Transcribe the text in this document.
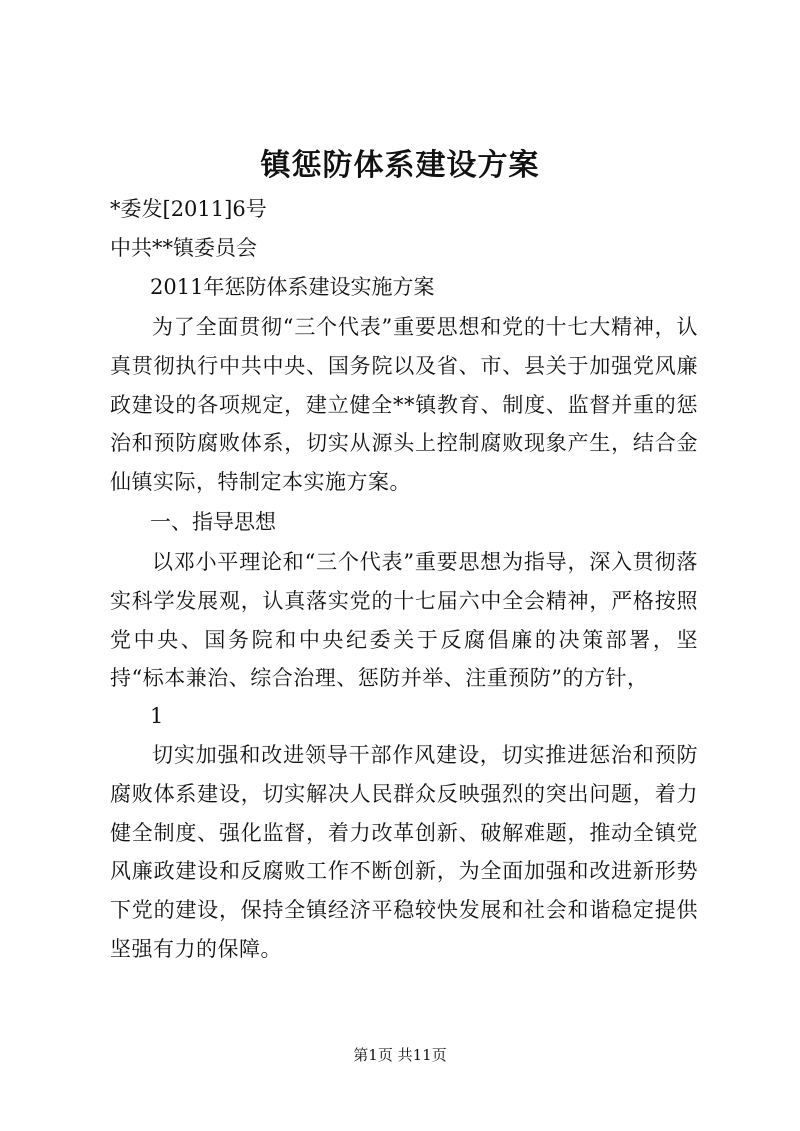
镇惩防体系建设方案
*委发[2011]6号
中共**镇委员会
2011年惩防体系建设实施方案
为了全面贯彻“三个代表”重要思想和党的十七大精神，认真贯彻执行中共中央、国务院以及省、市、县关于加强党风廉政建设的各项规定，建立健全**镇教育、制度、监督并重的惩治和预防腐败体系，切实从源头上控制腐败现象产生，结合金仙镇实际，特制定本实施方案。
一、指导思想
以邓小平理论和“三个代表”重要思想为指导，深入贯彻落实科学发展观，认真落实党的十七届六中全会精神，严格按照党中央、国务院和中央纪委关于反腐倡廉的决策部署，坚持“标本兼治、综合治理、惩防并举、注重预防”的方针，
1
切实加强和改进领导干部作风建设，切实推进惩治和预防腐败体系建设，切实解决人民群众反映强烈的突出问题，着力健全制度、强化监督，着力改革创新、破解难题，推动全镇党风廉政建设和反腐败工作不断创新，为全面加强和改进新形势下党的建设，保持全镇经济平稳较快发展和社会和谐稳定提供坚强有力的保障。
第1页 共11页
